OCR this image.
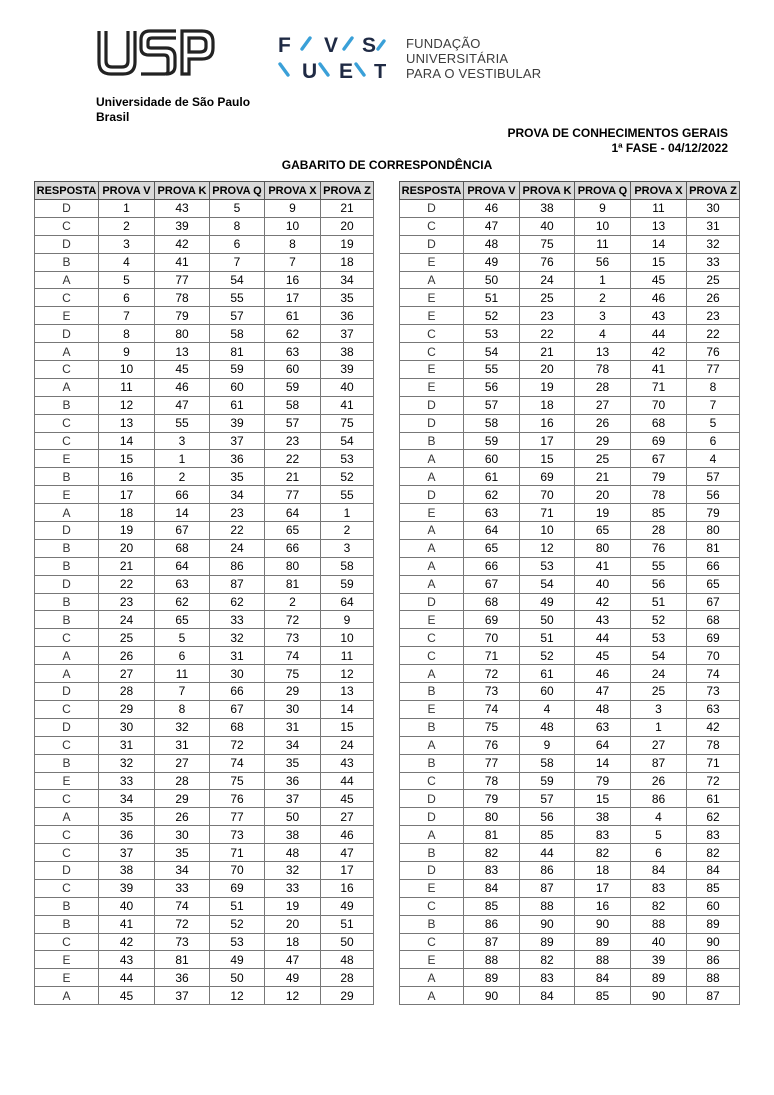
F V S
U E T
FUNDAÇÃO
UNIVERSITÁRIA
PARA O VESTIBULAR
Universidade de São Paulo
Brasil
PROVA DE CONHECIMENTOS GERAIS
1ª FASE - 04/12/2022
GABARITO DE CORRESPONDÊNCIA
RESPOSTA	PROVA V	PROVA K	PROVA Q	PROVA X	PROVA Z
D	1	43	5	9	21
C	2	39	8	10	20
D	3	42	6	8	19
B	4	41	7	7	18
A	5	77	54	16	34
C	6	78	55	17	35
E	7	79	57	61	36
D	8	80	58	62	37
A	9	13	81	63	38
C	10	45	59	60	39
A	11	46	60	59	40
B	12	47	61	58	41
C	13	55	39	57	75
C	14	3	37	23	54
E	15	1	36	22	53
B	16	2	35	21	52
E	17	66	34	77	55
A	18	14	23	64	1
D	19	67	22	65	2
B	20	68	24	66	3
B	21	64	86	80	58
D	22	63	87	81	59
B	23	62	62	2	64
B	24	65	33	72	9
C	25	5	32	73	10
A	26	6	31	74	11
A	27	11	30	75	12
D	28	7	66	29	13
C	29	8	67	30	14
D	30	32	68	31	15
C	31	31	72	34	24
B	32	27	74	35	43
E	33	28	75	36	44
C	34	29	76	37	45
A	35	26	77	50	27
C	36	30	73	38	46
C	37	35	71	48	47
D	38	34	70	32	17
C	39	33	69	33	16
B	40	74	51	19	49
B	41	72	52	20	51
C	42	73	53	18	50
E	43	81	49	47	48
E	44	36	50	49	28
A	45	37	12	12	29
RESPOSTA	PROVA V	PROVA K	PROVA Q	PROVA X	PROVA Z
D	46	38	9	11	30
C	47	40	10	13	31
D	48	75	11	14	32
E	49	76	56	15	33
A	50	24	1	45	25
E	51	25	2	46	26
E	52	23	3	43	23
C	53	22	4	44	22
C	54	21	13	42	76
E	55	20	78	41	77
E	56	19	28	71	8
D	57	18	27	70	7
D	58	16	26	68	5
B	59	17	29	69	6
A	60	15	25	67	4
A	61	69	21	79	57
D	62	70	20	78	56
E	63	71	19	85	79
A	64	10	65	28	80
A	65	12	80	76	81
A	66	53	41	55	66
A	67	54	40	56	65
D	68	49	42	51	67
E	69	50	43	52	68
C	70	51	44	53	69
C	71	52	45	54	70
A	72	61	46	24	74
B	73	60	47	25	73
E	74	4	48	3	63
B	75	48	63	1	42
A	76	9	64	27	78
B	77	58	14	87	71
C	78	59	79	26	72
D	79	57	15	86	61
D	80	56	38	4	62
A	81	85	83	5	83
B	82	44	82	6	82
D	83	86	18	84	84
E	84	87	17	83	85
C	85	88	16	82	60
B	86	90	90	88	89
C	87	89	89	40	90
E	88	82	88	39	86
A	89	83	84	89	88
A	90	84	85	90	87
